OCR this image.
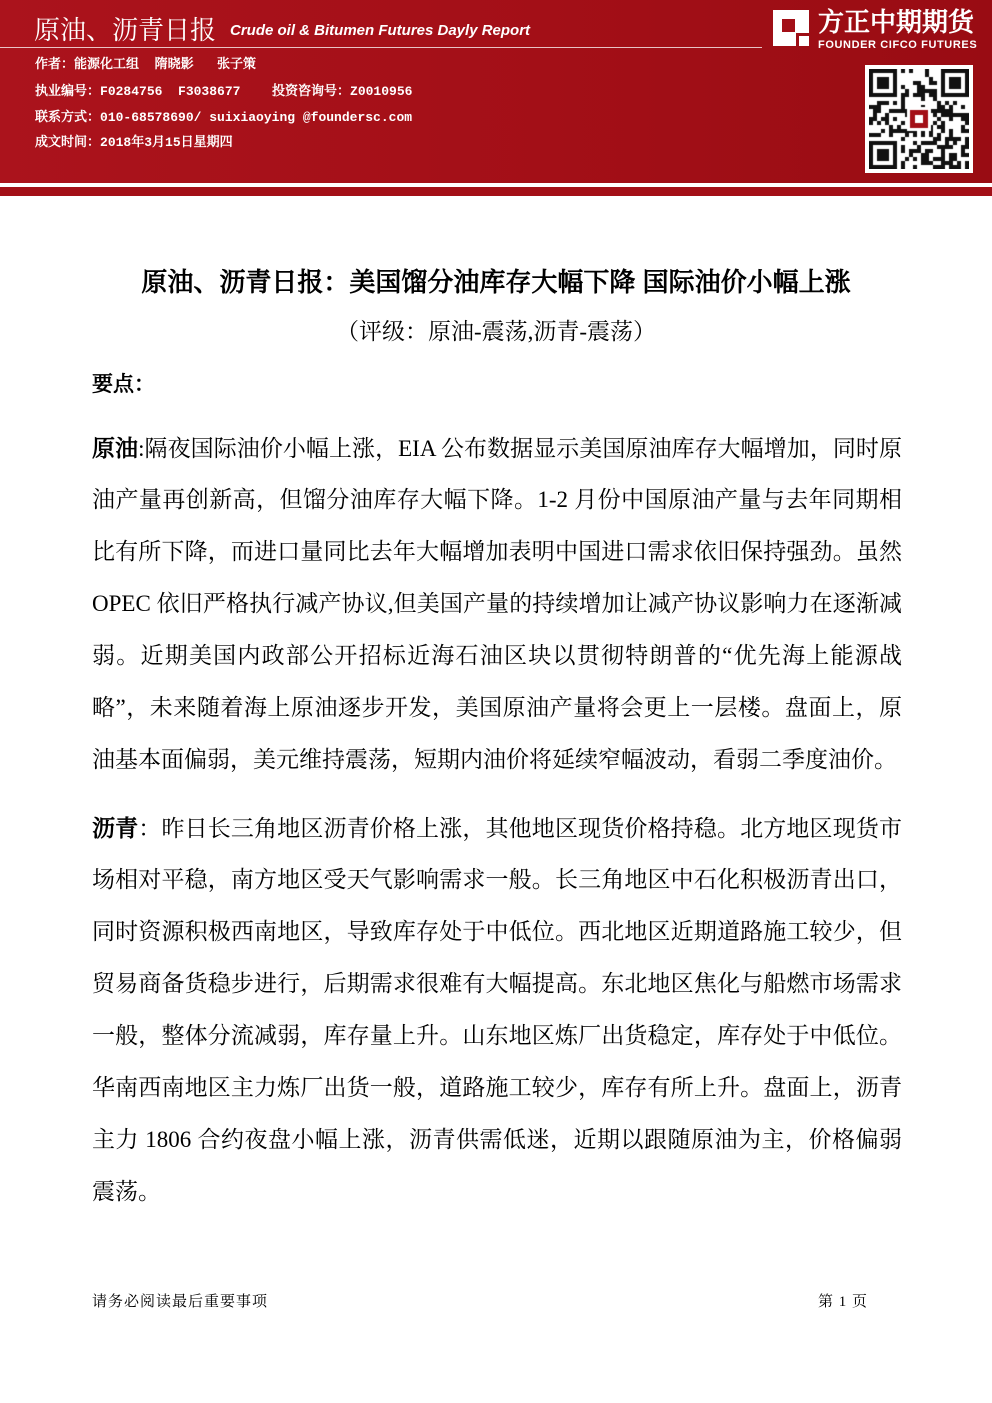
原油、沥青日报 Crude oil & Bitumen Futures Dayly Report
作者：能源化工组  隋晓影   张子策
执业编号：F0284756  F3038677 投资咨询号：Z0010956
联系方式：010-68578690/ suixiaoying @foundersc.com
成文时间：2018年3月15日星期四
方正中期期货
FOUNDER CIFCO FUTURES
原油、沥青日报：美国馏分油库存大幅下降 国际油价小幅上涨
（评级：原油-震荡,沥青-震荡）
要点：
原油:隔夜国际油价小幅上涨，EIA 公布数据显示美国原油库存大幅增加，同时原
油产量再创新高，但馏分油库存大幅下降。1-2 月份中国原油产量与去年同期相
比有所下降，而进口量同比去年大幅增加表明中国进口需求依旧保持强劲。虽然
OPEC 依旧严格执行减产协议,但美国产量的持续增加让减产协议影响力在逐渐减
弱。近期美国内政部公开招标近海石油区块以贯彻特朗普的“优先海上能源战
略”，未来随着海上原油逐步开发，美国原油产量将会更上一层楼。盘面上，原
油基本面偏弱，美元维持震荡，短期内油价将延续窄幅波动，看弱二季度油价。
沥青：昨日长三角地区沥青价格上涨，其他地区现货价格持稳。北方地区现货市
场相对平稳，南方地区受天气影响需求一般。长三角地区中石化积极沥青出口，
同时资源积极西南地区，导致库存处于中低位。西北地区近期道路施工较少，但
贸易商备货稳步进行，后期需求很难有大幅提高。东北地区焦化与船燃市场需求
一般，整体分流减弱，库存量上升。山东地区炼厂出货稳定，库存处于中低位。
华南西南地区主力炼厂出货一般，道路施工较少，库存有所上升。盘面上，沥青
主力 1806 合约夜盘小幅上涨，沥青供需低迷，近期以跟随原油为主，价格偏弱
震荡。
请务必阅读最后重要事项	第 1 页
